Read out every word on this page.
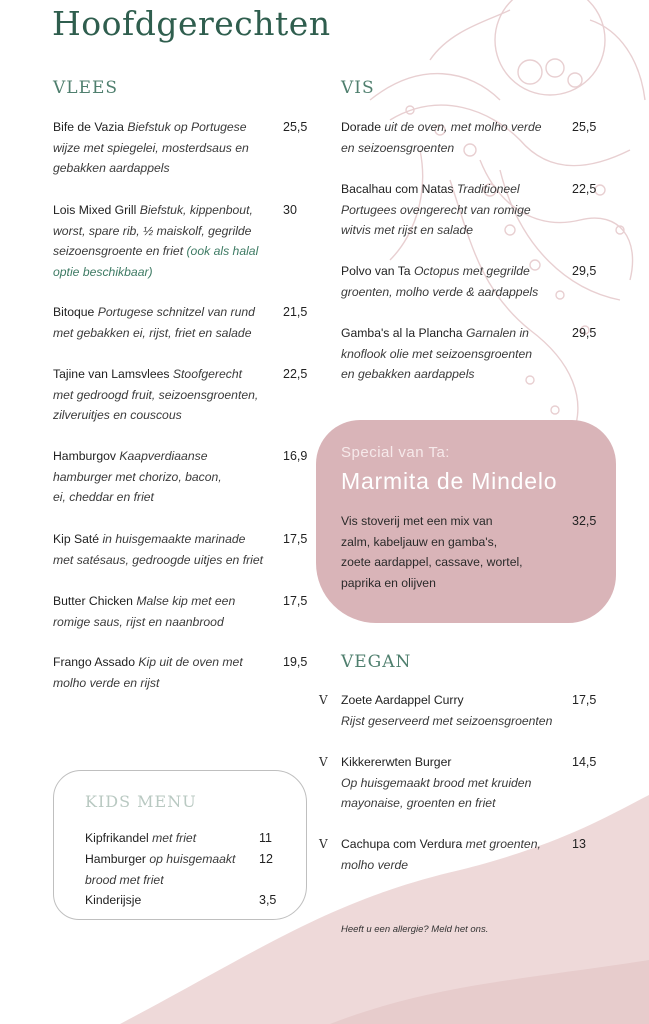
Hoofdgerechten
VLEES
Bife de Vazia Biefstuk op Portugese
wijze met spiegelei, mosterdsaus en
gebakken aardappels
25,5
Lois Mixed Grill Biefstuk, kippenbout,
worst, spare rib, ½ maiskolf, gegrilde
seizoensgroente en friet (ook als halal
optie beschikbaar)
30
Bitoque Portugese schnitzel van rund
met gebakken ei, rijst, friet en salade
21,5
Tajine van Lamsvlees Stoofgerecht
met gedroogd fruit, seizoensgroenten,
zilveruitjes en couscous
22,5
Hamburgov Kaapverdiaanse
hamburger met chorizo, bacon,
ei, cheddar en friet
16,9
Kip Saté in huisgemaakte marinade
met satésaus, gedroogde uitjes en friet
17,5
Butter Chicken Malse kip met een
romige saus, rijst en naanbrood
17,5
Frango Assado Kip uit de oven met
molho verde en rijst
19,5
VIS
Dorade uit de oven, met molho verde
en seizoensgroenten
25,5
Bacalhau com Natas Traditioneel
Portugees ovengerecht van romige
witvis met rijst en salade
22,5
Polvo van Ta Octopus met gegrilde
groenten, molho verde & aardappels
29,5
Gamba's al la Plancha Garnalen in
knoflook olie met seizoensgroenten
en gebakken aardappels
29,5
Special van Ta:
Marmita de Mindelo
Vis stoverij met een mix van
zalm, kabeljauw en gamba's,
zoete aardappel, cassave, wortel,
paprika en olijven
32,5
VEGAN
V Zoete Aardappel Curry
Rijst geserveerd met seizoensgroenten
17,5
V Kikkererwten Burger
Op huisgemaakt brood met kruiden
mayonaise, groenten en friet
14,5
V Cachupa com Verdura met groenten,
molho verde
13
KIDS MENU
Kipfrikandel met friet	11
Hamburger op huisgemaakt
brood met friet
12
Kinderijsje	3,5
Heeft u een allergie? Meld het ons.
